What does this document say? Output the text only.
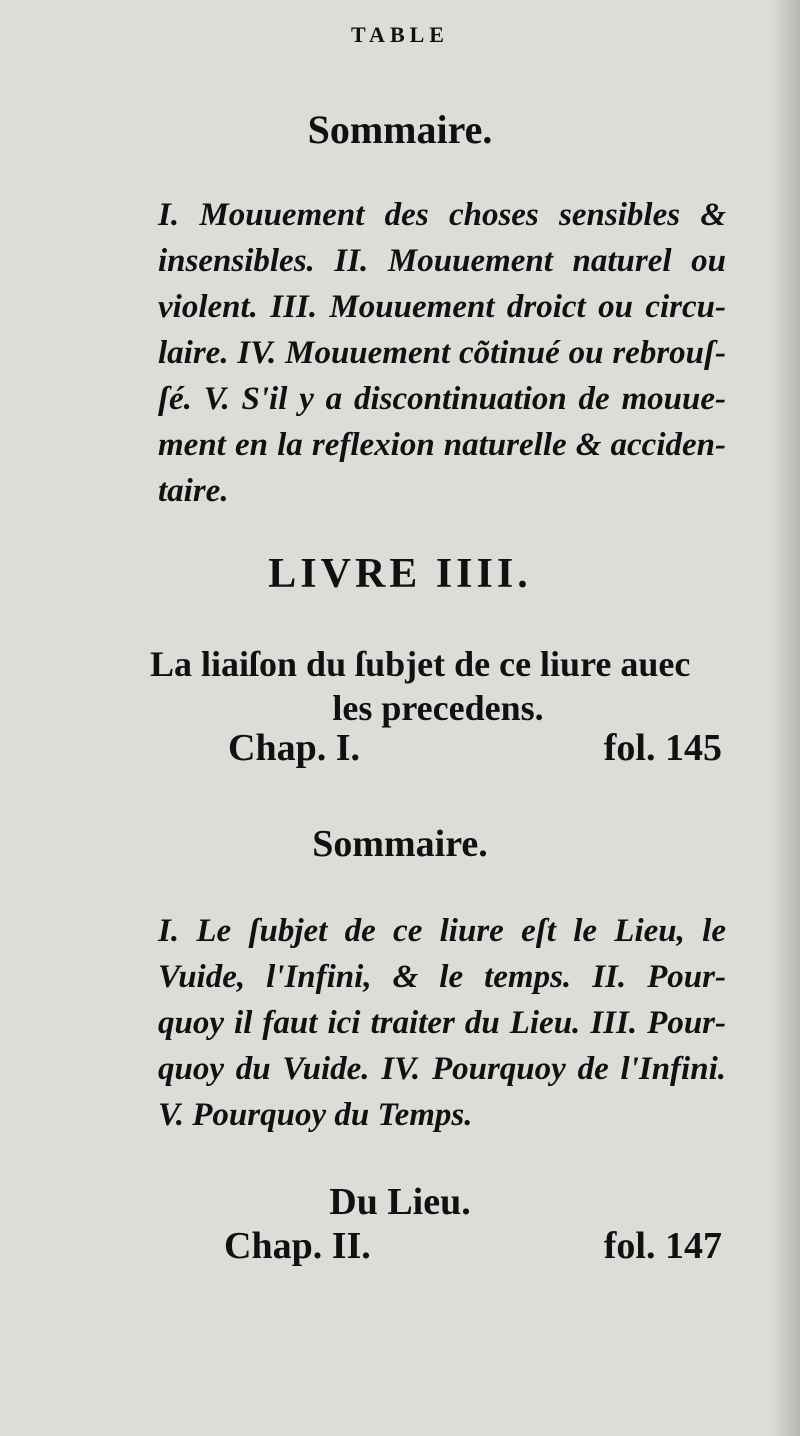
TABLE
Sommaire.
I. Mouuement des choses sensibles &
insensibles. II. Mouuement naturel ou
violent. III. Mouuement droict ou circu-
laire. IV. Mouuement cõtinué ou rebrouſ-
ſé. V. S'il y a discontinuation de mouue-
ment en la reflexion naturelle & acciden-
taire.
LIVRE IIII.
La liaiſon du ſubjet de ce liure auec
les precedens.
Chap. I.	fol. 145
Sommaire.
I. Le ſubjet de ce liure eſt le Lieu, le
Vuide, l'Infini, & le temps. II. Pour-
quoy il faut ici traiter du Lieu. III. Pour-
quoy du Vuide. IV. Pourquoy de l'Infini.
V. Pourquoy du Temps.
Du Lieu.
Chap. II.	fol. 147
